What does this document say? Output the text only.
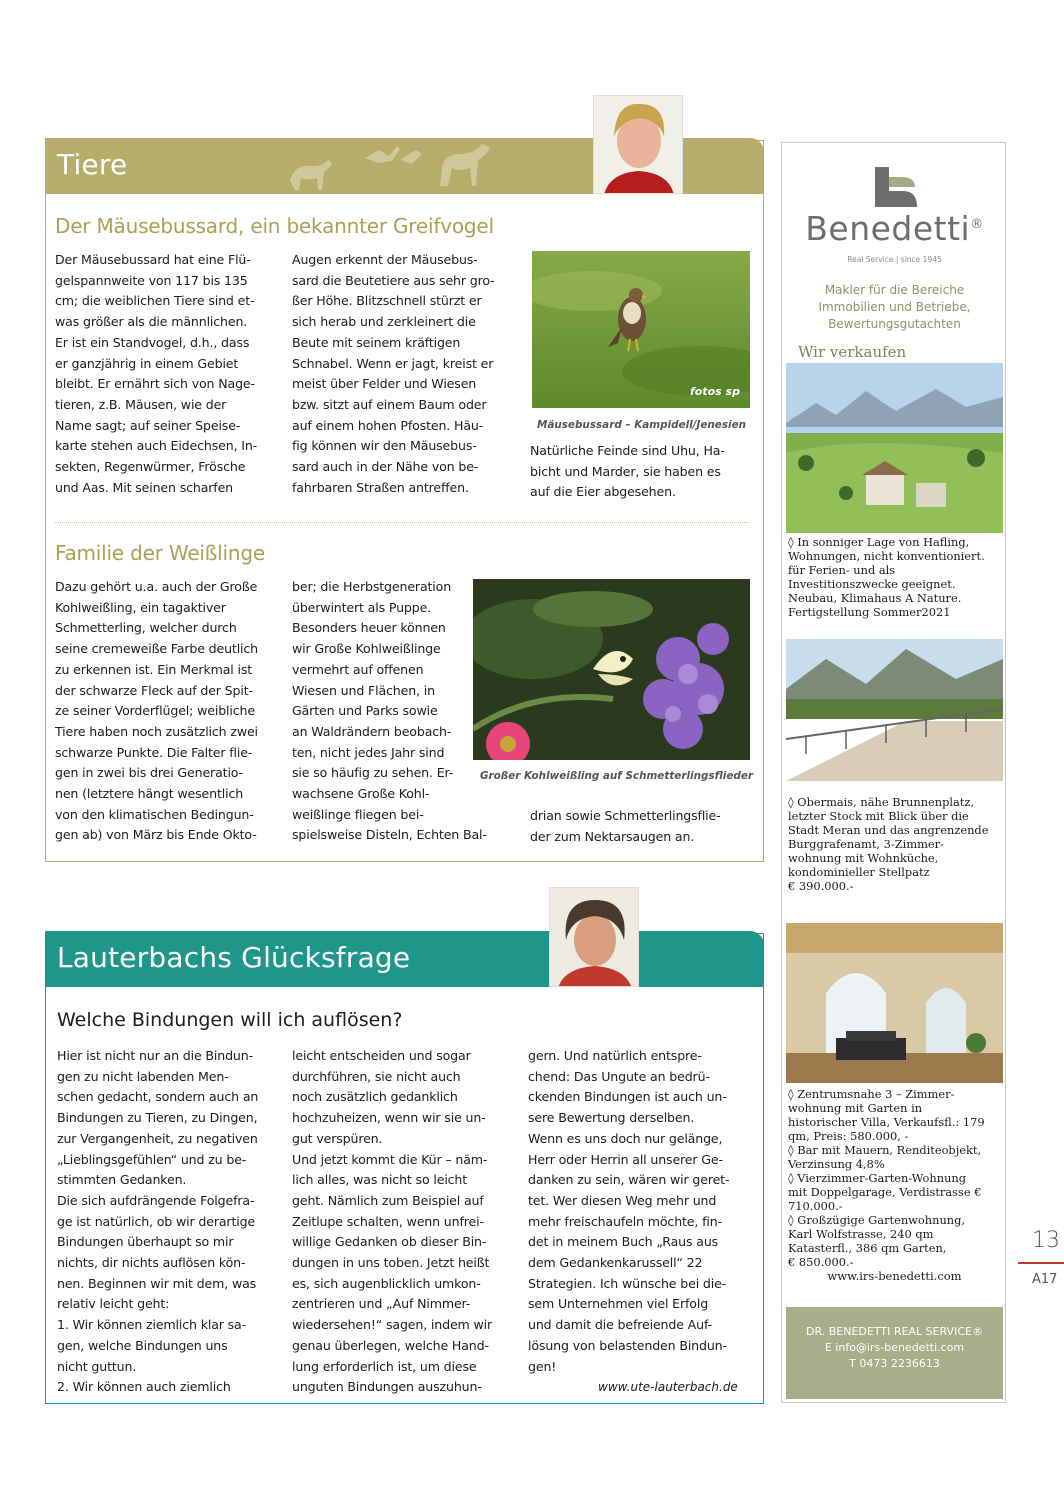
Tiere
Der Mäusebussard, ein bekannter Greifvogel
Der Mäusebussard hat eine Flü-
gelspannweite von 117 bis 135
cm; die weiblichen Tiere sind et-
was größer als die männlichen.
Er ist ein Standvogel, d.h., dass
er ganzjährig in einem Gebiet
bleibt. Er ernährt sich von Nage-
tieren, z.B. Mäusen, wie der
Name sagt; auf seiner Speise-
karte stehen auch Eidechsen, In-
sekten, Regenwürmer, Frösche
und Aas. Mit seinen scharfen
Augen erkennt der Mäusebus-
sard die Beutetiere aus sehr gro-
ßer Höhe. Blitzschnell stürzt er
sich herab und zerkleinert die
Beute mit seinem kräftigen
Schnabel. Wenn er jagt, kreist er
meist über Felder und Wiesen
bzw. sitzt auf einem Baum oder
auf einem hohen Pfosten. Häu-
fig können wir den Mäusebus-
sard auch in der Nähe von be-
fahrbaren Straßen antreffen.
fotos sp
Mäusebussard – Kampidell/Jenesien
Natürliche Feinde sind Uhu, Ha-
bicht und Marder, sie haben es
auf die Eier abgesehen.
Familie der Weißlinge
Dazu gehört u.a. auch der Große
Kohlweißling, ein tagaktiver
Schmetterling, welcher durch
seine cremeweiße Farbe deutlich
zu erkennen ist. Ein Merkmal ist
der schwarze Fleck auf der Spit-
ze seiner Vorderflügel; weibliche
Tiere haben noch zusätzlich zwei
schwarze Punkte. Die Falter flie-
gen in zwei bis drei Generatio-
nen (letztere hängt wesentlich
von den klimatischen Bedingun-
gen ab) von März bis Ende Okto-
ber; die Herbstgeneration
überwintert als Puppe.
Besonders heuer können
wir Große Kohlweißlinge
vermehrt auf offenen
Wiesen und Flächen, in
Gärten und Parks sowie
an Waldrändern beobach-
ten, nicht jedes Jahr sind
sie so häufig zu sehen. Er-
wachsene Große Kohl-
weißlinge fliegen bei-
spielsweise Disteln, Echten Bal-
Großer Kohlweißling auf Schmetterlingsflieder
drian sowie Schmetterlingsflie-
der zum Nektarsaugen an.
Lauterbachs Glücksfrage
Welche Bindungen will ich auflösen?
Hier ist nicht nur an die Bindun-
gen zu nicht labenden Men-
schen gedacht, sondern auch an
Bindungen zu Tieren, zu Dingen,
zur Vergangenheit, zu negativen
„Lieblingsgefühlen“ und zu be-
stimmten Gedanken.
Die sich aufdrängende Folgefra-
ge ist natürlich, ob wir derartige
Bindungen überhaupt so mir
nichts, dir nichts auflösen kön-
nen. Beginnen wir mit dem, was
relativ leicht geht:
1. Wir können ziemlich klar sa-
gen, welche Bindungen uns
nicht guttun.
2. Wir können auch ziemlich
leicht entscheiden und sogar
durchführen, sie nicht auch
noch zusätzlich gedanklich
hochzuheizen, wenn wir sie un-
gut verspüren.
Und jetzt kommt die Kür – näm-
lich alles, was nicht so leicht
geht. Nämlich zum Beispiel auf
Zeitlupe schalten, wenn unfrei-
willige Gedanken ob dieser Bin-
dungen in uns toben. Jetzt heißt
es, sich augenblicklich umkon-
zentrieren und „Auf Nimmer-
wiedersehen!“ sagen, indem wir
genau überlegen, welche Hand-
lung erforderlich ist, um diese
unguten Bindungen auszuhun-
gern. Und natürlich entspre-
chend: Das Ungute an bedrü-
ckenden Bindungen ist auch un-
sere Bewertung derselben.
Wenn es uns doch nur gelänge,
Herr oder Herrin all unserer Ge-
danken zu sein, wären wir geret-
tet. Wer diesen Weg mehr und
mehr freischaufeln möchte, fin-
det in meinem Buch „Raus aus
dem Gedankenkarussell“ 22
Strategien. Ich wünsche bei die-
sem Unternehmen viel Erfolg
und damit die befreiende Auf-
lösung von belastenden Bindun-
gen!
www.ute-lauterbach.de
Benedetti®
Real Service | since 1945
Makler für die Bereiche
Immobilien und Betriebe,
Bewertungsgutachten
Wir verkaufen
◊ In sonniger Lage von Hafling,
Wohnungen, nicht konventioniert.
für Ferien- und als
Investitionszwecke geeignet.
Neubau, Klimahaus A Nature.
Fertigstellung Sommer2021
◊ Obermais, nähe Brunnenplatz,
letzter Stock mit Blick über die
Stadt Meran und das angrenzende
Burggrafenamt, 3-Zimmer-
wohnung mit Wohnküche,
kondominieller Stellpatz
€ 390.000.-
◊ Zentrumsnahe 3 – Zimmer-
wohnung mit Garten in
historischer Villa, Verkaufsfl.: 179
qm, Preis: 580.000, -
◊ Bar mit Mauern, Renditeobjekt,
Verzinsung 4,8%
◊ Vierzimmer-Garten-Wohnung
mit Doppelgarage, Verdistrasse €
710.000.-
◊ Großzügige Gartenwohnung,
Karl Wolfstrasse, 240 qm
Katasterfl., 386 qm Garten,
€ 850.000.-
www.irs-benedetti.com
DR. BENEDETTI REAL SERVICE®
E info@irs-benedetti.com
T 0473 2236613
13
A17
